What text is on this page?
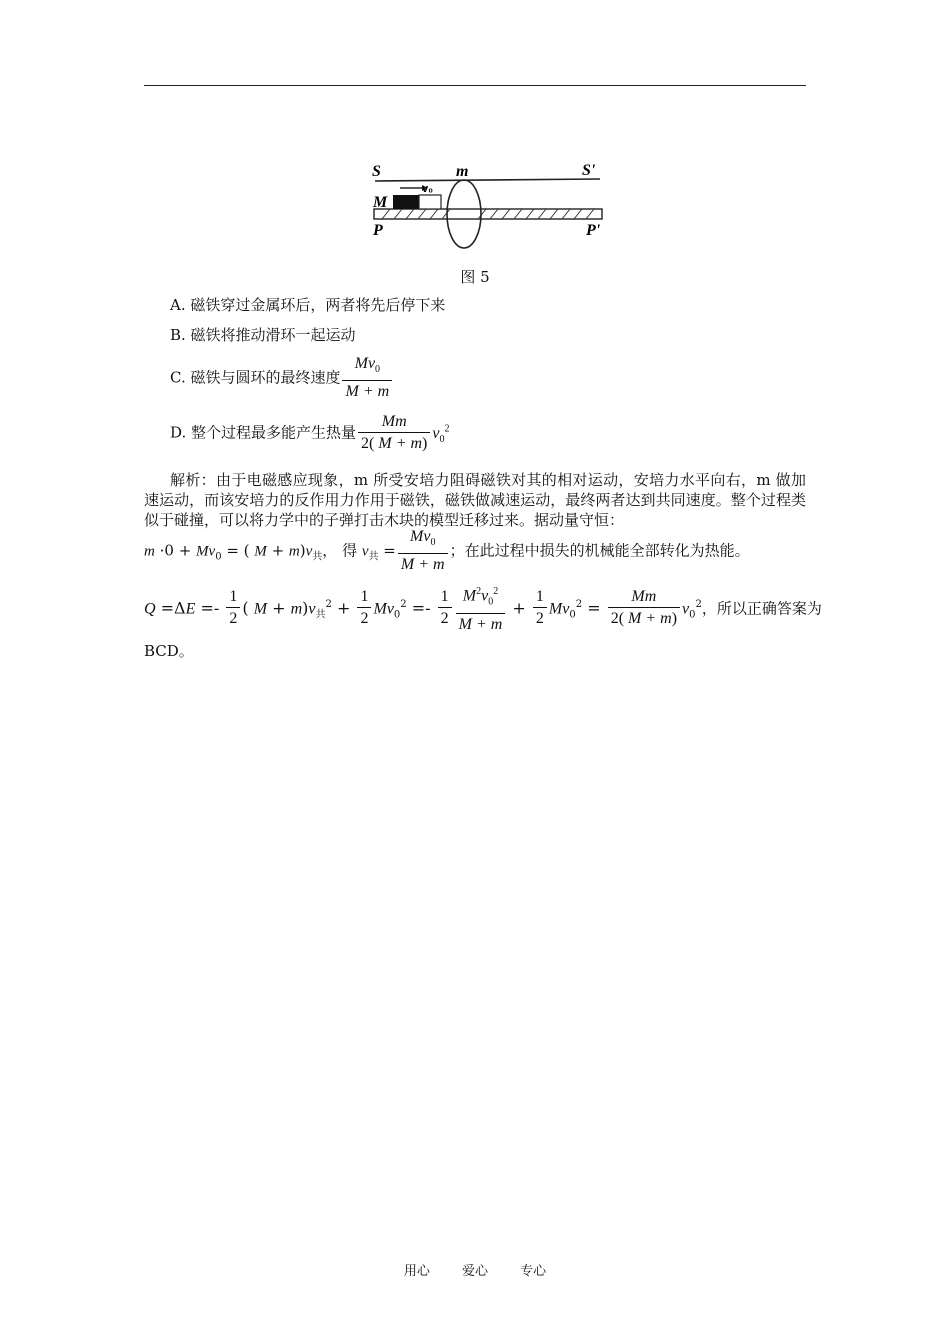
S	S'
m
v₀
M
P	P'
图 5
A. 磁铁穿过金属环后，两者将先后停下来
B. 磁铁将推动滑环一起运动
C. 磁铁与圆环的最终速度 $\frac{Mv_0}{M + m}$
D. 整个过程最多能产生热量 $\frac{Mm}{2( M + m)} v_0^2$
解析：由于电磁感应现象，m 所受安培力阻碍磁铁对其的相对运动，安培力水平向右，m 做加速运动，而该安培力的反作用力作用于磁铁，磁铁做减速运动，最终两者达到共同速度。整个过程类似于碰撞，可以将力学中的子弹打击木块的模型迁移过来。据动量守恒：
$m \cdot 0 + Mv_0$ = ( $M + m)v_共$， 得 $v_共 = \frac{Mv_0}{M + m}$ ；在此过程中损失的机械能全部转化为热能。
$Q =\Delta E =- \frac{1}{2}$ ( $M + m)v_共^2 + \frac{1}{2} Mv_0^2 =- \frac{1}{2} \frac{M^2v_0^2}{M + m} + \frac{1}{2} Mv_0^2 = \frac{Mm}{2( M + m)} v_0^2$，所以正确答案为
BCD。
用心 爱心 专心
